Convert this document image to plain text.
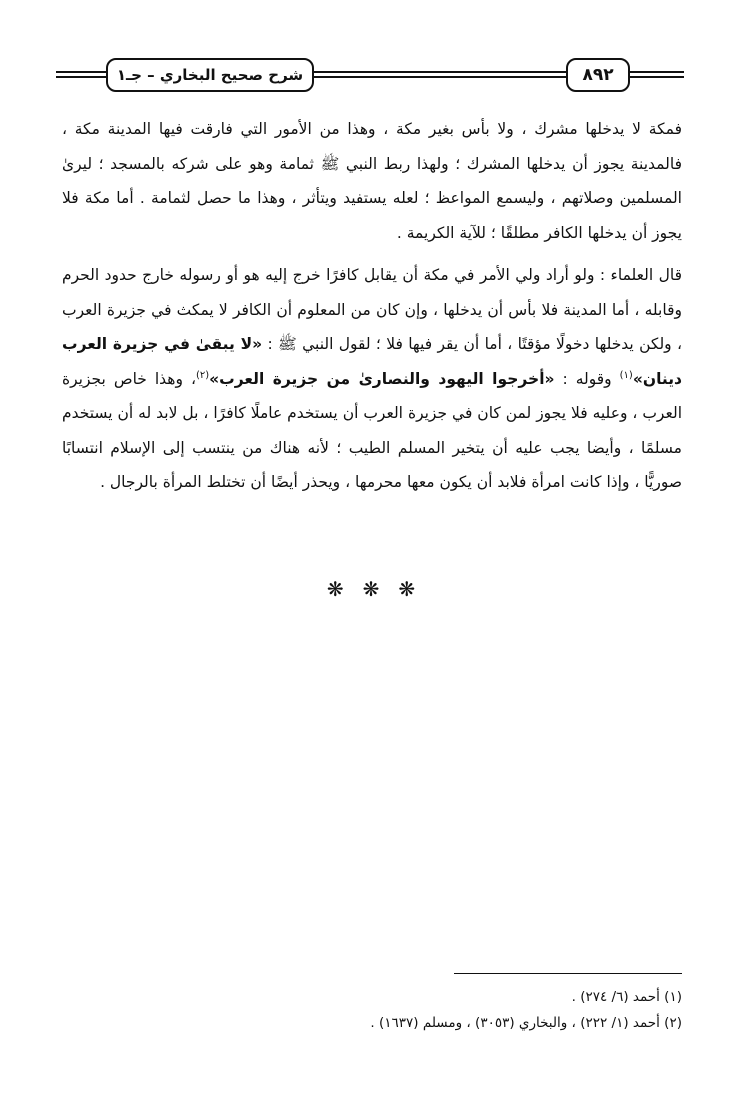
شرح صحيح البخاري – جـ١	٨٩٢

فمكة لا يدخلها مشرك ، ولا بأس بغير مكة ، وهذا من الأمور التي فارقت فيها المدينة مكة ، فالمدينة يجوز أن يدخلها المشرك ؛ ولهذا ربط النبي ﷺ ثمامة وهو على شركه بالمسجد ؛ ليرىٰ المسلمين وصلاتهم ، وليسمع المواعظ ؛ لعله يستفيد ويتأثر ، وهذا ما حصل لثمامة . أما مكة فلا يجوز أن يدخلها الكافر مطلقًا ؛ للآية الكريمة .

قال العلماء : ولو أراد ولي الأمر في مكة أن يقابل كافرًا خرج إليه هو أو رسوله خارج حدود الحرم وقابله ، أما المدينة فلا بأس أن يدخلها ، وإن كان من المعلوم أن الكافر لا يمكث في جزيرة العرب ، ولكن يدخلها دخولًا مؤقتًا ، أما أن يقر فيها فلا ؛ لقول النبي ﷺ : «لا يبقىٰ في جزيرة العرب دينان»$^{(١)}$ وقوله : «أخرجوا اليهود والنصارىٰ من جزيرة العرب»$^{(٢)}$، وهذا خاص بجزيرة العرب ، وعليه فلا يجوز لمن كان في جزيرة العرب أن يستخدم عاملًا كافرًا ، بل لابد له أن يستخدم مسلمًا ، وأيضا يجب عليه أن يتخير المسلم الطيب ؛ لأنه هناك من ينتسب إلى الإسلام انتسابًا صوريًّا ، وإذا كانت امرأة فلابد أن يكون معها محرمها ، ويحذر أيضًا أن تختلط المرأة بالرجال .

❋ ❋ ❋
(١) أحمد (٦/ ٢٧٤) .
(٢) أحمد (١/ ٢٢٢) ، والبخاري (٣٠٥٣) ، ومسلم (١٦٣٧) .
